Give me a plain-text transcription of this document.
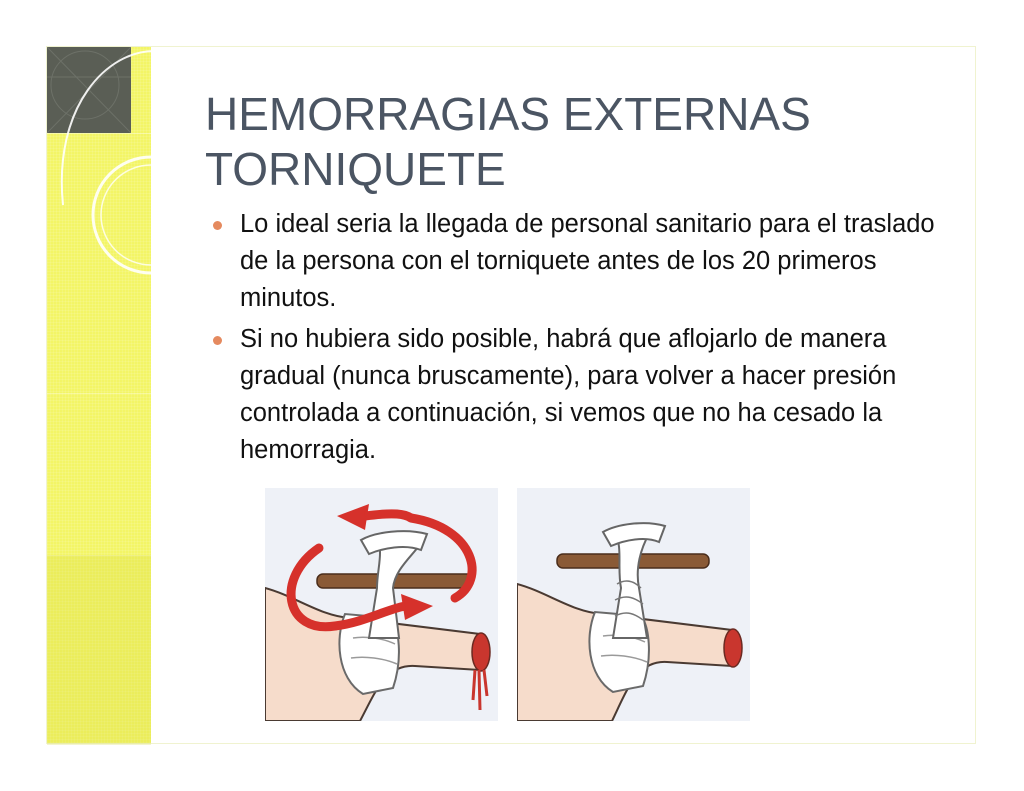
HEMORRAGIAS EXTERNAS
TORNIQUETE
Lo ideal seria la llegada de personal sanitario para el traslado de la persona con el torniquete antes de los 20 primeros minutos.
Si no hubiera sido posible, habrá que aflojarlo de manera gradual (nunca bruscamente), para volver a hacer presión controlada a continuación, si vemos que no ha cesado la hemorragia.
